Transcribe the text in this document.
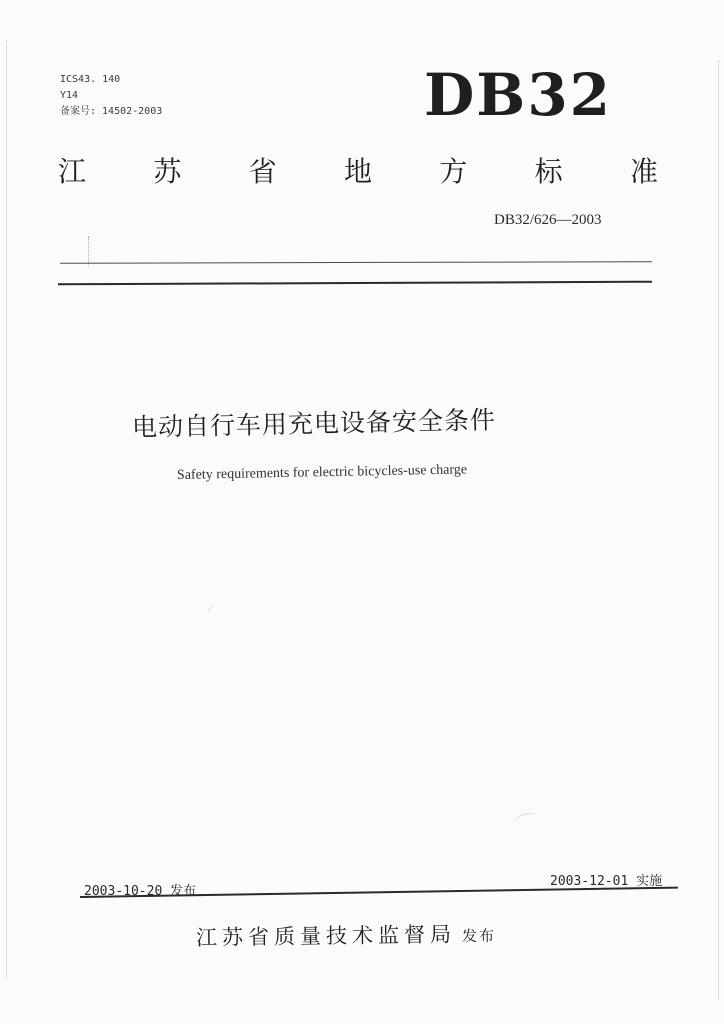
ICS43. 140
Y14
备案号: 14502-2003	DB32
江 苏 省 地 方 标 准
DB32/626—2003
电动自行车用充电设备安全条件
Safety requirements for electric bicycles-use charge
✓
⌒
2003-10-20 发布
2003-12-01 实施
江苏省质量技术监督局 发布
